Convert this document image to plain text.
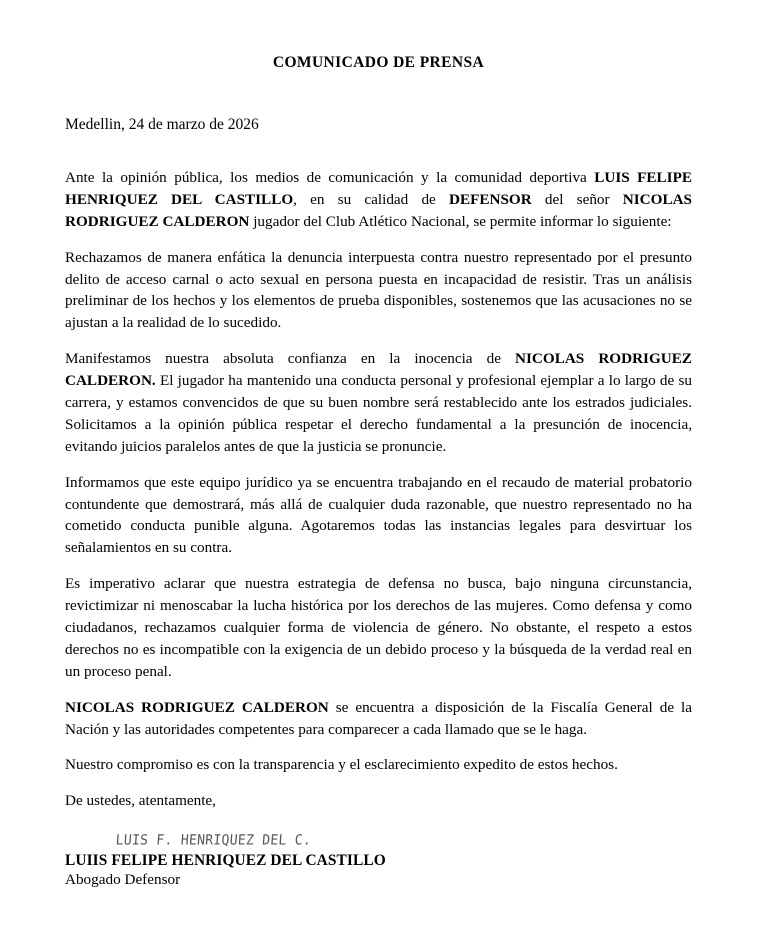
COMUNICADO DE PRENSA

Medellin, 24 de marzo de 2026

Ante la opinión pública, los medios de comunicación y la comunidad deportiva LUIS FELIPE HENRIQUEZ DEL CASTILLO, en su calidad de DEFENSOR del señor NICOLAS RODRIGUEZ CALDERON jugador del Club Atlético Nacional, se permite informar lo siguiente:

Rechazamos de manera enfática la denuncia interpuesta contra nuestro representado por el presunto delito de acceso carnal o acto sexual en persona puesta en incapacidad de resistir. Tras un análisis preliminar de los hechos y los elementos de prueba disponibles, sostenemos que las acusaciones no se ajustan a la realidad de lo sucedido.

Manifestamos nuestra absoluta confianza en la inocencia de NICOLAS RODRIGUEZ CALDERON. El jugador ha mantenido una conducta personal y profesional ejemplar a lo largo de su carrera, y estamos convencidos de que su buen nombre será restablecido ante los estrados judiciales. Solicitamos a la opinión pública respetar el derecho fundamental a la presunción de inocencia, evitando juicios paralelos antes de que la justicia se pronuncie.

Informamos que este equipo jurídico ya se encuentra trabajando en el recaudo de material probatorio contundente que demostrará, más allá de cualquier duda razonable, que nuestro representado no ha cometido conducta punible alguna. Agotaremos todas las instancias legales para desvirtuar los señalamientos en su contra.

Es imperativo aclarar que nuestra estrategia de defensa no busca, bajo ninguna circunstancia, revictimizar ni menoscabar la lucha histórica por los derechos de las mujeres. Como defensa y como ciudadanos, rechazamos cualquier forma de violencia de género. No obstante, el respeto a estos derechos no es incompatible con la exigencia de un debido proceso y la búsqueda de la verdad real en un proceso penal.

NICOLAS RODRIGUEZ CALDERON se encuentra a disposición de la Fiscalía General de la Nación y las autoridades competentes para comparecer a cada llamado que se le haga.

Nuestro compromiso es con la transparencia y el esclarecimiento expedito de estos hechos.

De ustedes, atentamente,

LUIS F. HENRIQUEZ DEL C.

LUIIS FELIPE HENRIQUEZ DEL CASTILLO

Abogado Defensor
